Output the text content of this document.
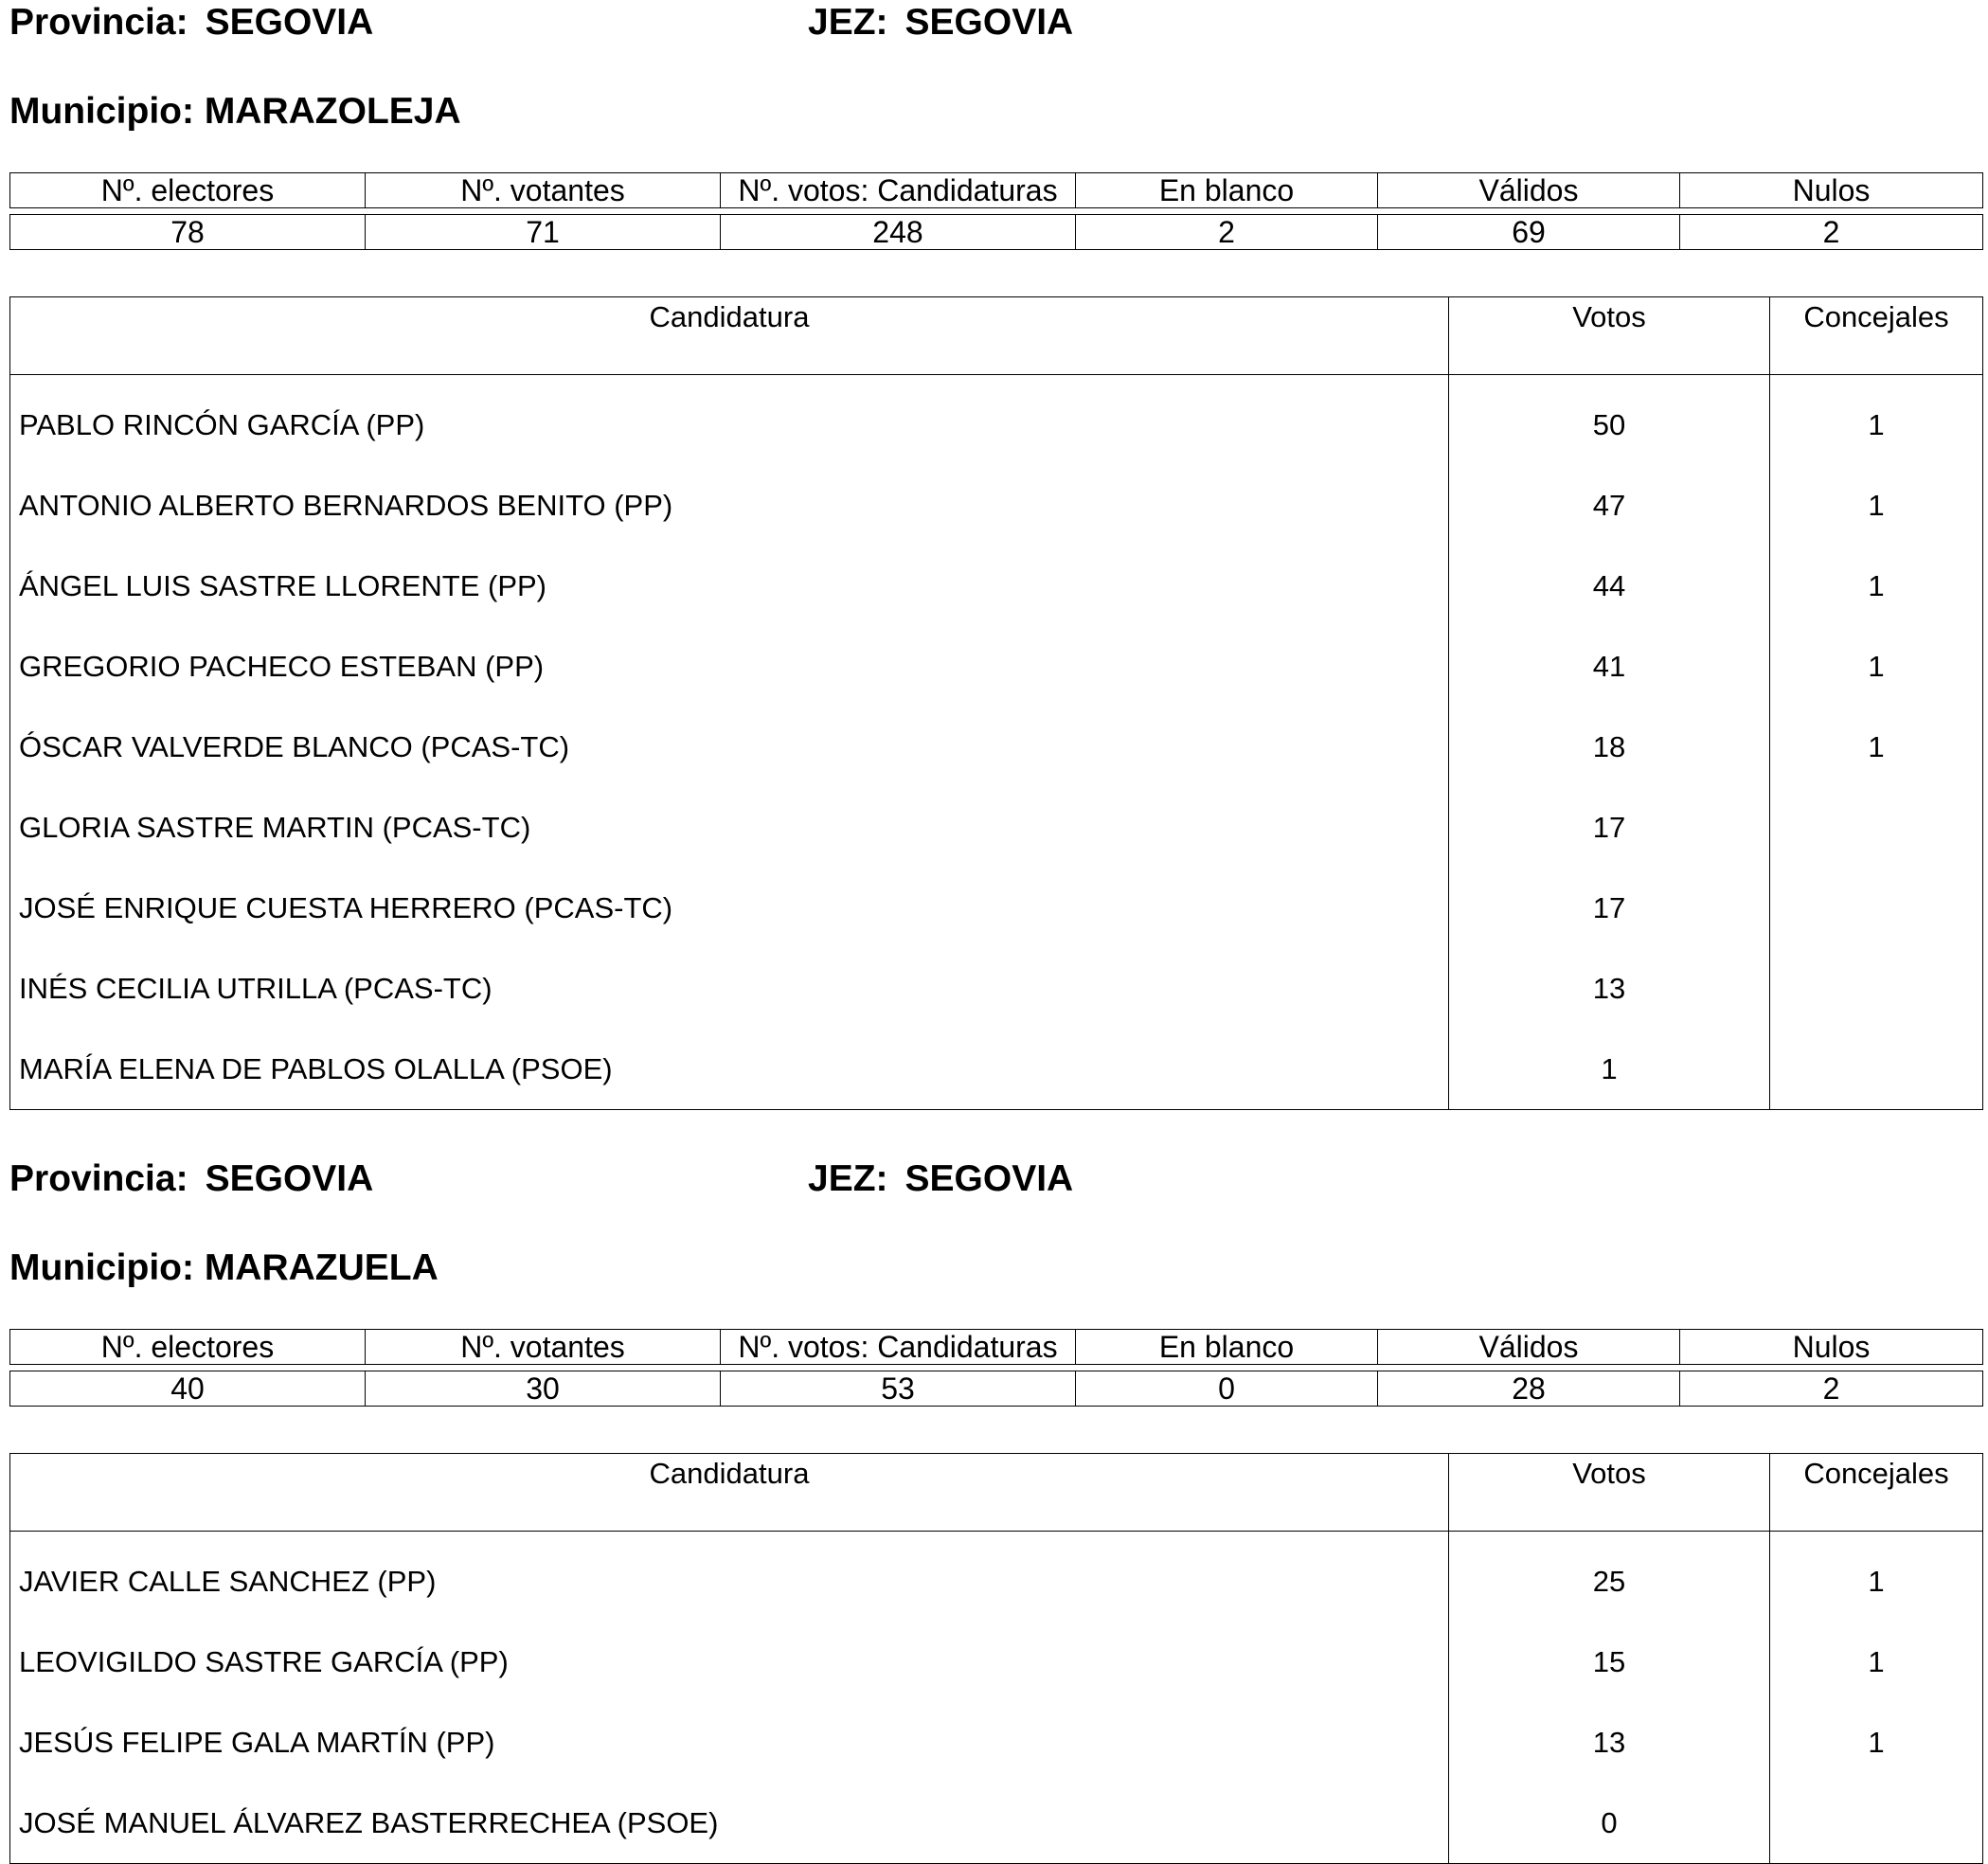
Provincia: SEGOVIA	JEZ: SEGOVIA
Municipio: MARAZOLEJA
Nº. electores	Nº. votantes	Nº. votos: Candidaturas	En blanco	Válidos	Nulos
78	71	248	2	69	2
Candidatura	Votos	Concejales
PABLO RINCÓN GARCÍA (PP)	50	1
ANTONIO ALBERTO BERNARDOS BENITO (PP)	47	1
ÁNGEL LUIS SASTRE LLORENTE (PP)	44	1
GREGORIO PACHECO ESTEBAN (PP)	41	1
ÓSCAR VALVERDE BLANCO (PCAS-TC)	18	1
GLORIA SASTRE MARTIN (PCAS-TC)	17	
JOSÉ ENRIQUE CUESTA HERRERO (PCAS-TC)	17	
INÉS CECILIA UTRILLA (PCAS-TC)	13	
MARÍA ELENA DE PABLOS OLALLA (PSOE)	1	
Provincia: SEGOVIA	JEZ: SEGOVIA
Municipio: MARAZUELA
Nº. electores	Nº. votantes	Nº. votos: Candidaturas	En blanco	Válidos	Nulos
40	30	53	0	28	2
Candidatura	Votos	Concejales
JAVIER CALLE SANCHEZ (PP)	25	1
LEOVIGILDO SASTRE GARCÍA (PP)	15	1
JESÚS FELIPE GALA MARTÍN (PP)	13	1
JOSÉ MANUEL ÁLVAREZ BASTERRECHEA (PSOE)	0	
